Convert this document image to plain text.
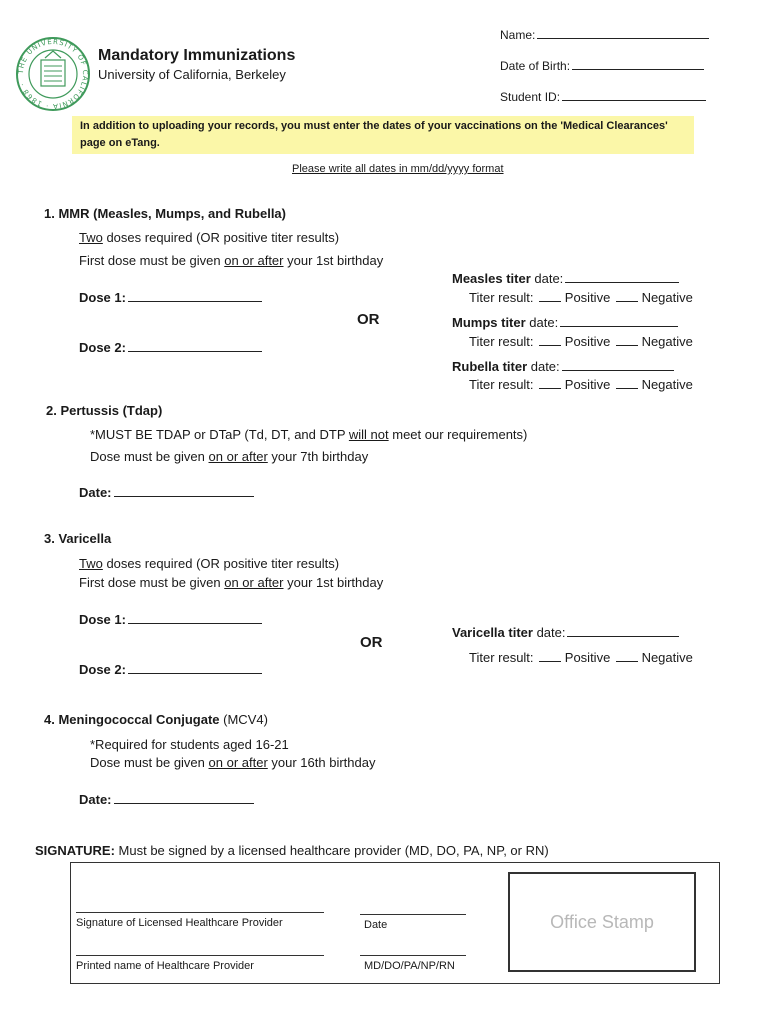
THE UNIVERSITY OF CALIFORNIA · 1868 ·
Mandatory Immunizations
University of California, Berkeley
Name:
Date of Birth:
Student ID:
In addition to uploading your records, you must enter the dates of your vaccinations on the 'Medical Clearances'
page on eTang.
Please write all dates in mm/dd/yyyy format
1. MMR (Measles, Mumps, and Rubella)
Two doses required (OR positive titer results)
First dose must be given on or after your 1st birthday
Dose 1:
Dose 2:
OR
Measles titer date:
Titer result: Positive Negative
Mumps titer date:
Titer result: Positive Negative
Rubella titer date:
Titer result: Positive Negative
2. Pertussis (Tdap)
*MUST BE TDAP or DTaP (Td, DT, and DTP will not meet our requirements)
Dose must be given on or after your 7th birthday
Date:
3. Varicella
Two doses required (OR positive titer results)
First dose must be given on or after your 1st birthday
Dose 1:
Dose 2:
OR
Varicella titer date:
Titer result: Positive Negative
4. Meningococcal Conjugate (MCV4)
*Required for students aged 16-21
Dose must be given on or after your 16th birthday
Date:
SIGNATURE: Must be signed by a licensed healthcare provider (MD, DO, PA, NP, or RN)
Signature of Licensed Healthcare Provider	Date
Printed name of Healthcare Provider	MD/DO/PA/NP/RN
Office Stamp
